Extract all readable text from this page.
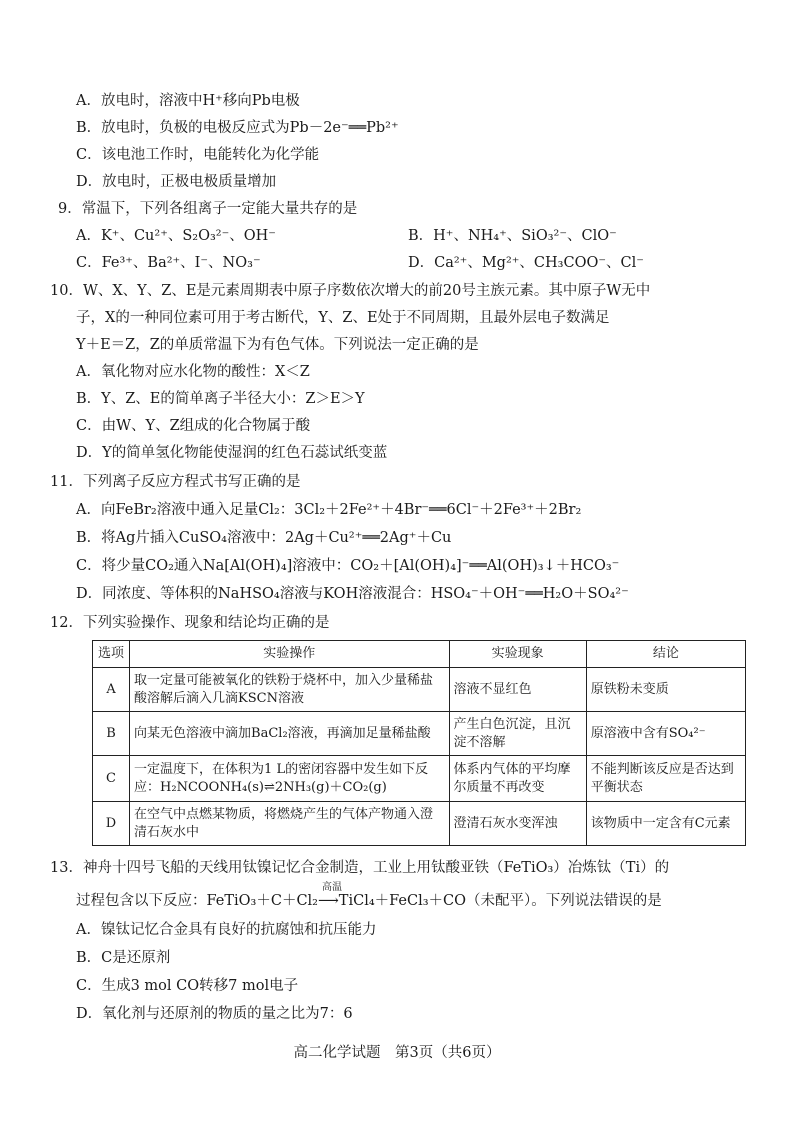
A．放电时，溶液中H⁺移向Pb电极
B．放电时，负极的电极反应式为Pb－2e⁻══Pb²⁺
C．该电池工作时，电能转化为化学能
D．放电时，正极电极质量增加
9．常温下，下列各组离子一定能大量共存的是
A．K⁺、Cu²⁺、S₂O₃²⁻、OH⁻	B．H⁺、NH₄⁺、SiO₃²⁻、ClO⁻
C．Fe³⁺、Ba²⁺、I⁻、NO₃⁻	D．Ca²⁺、Mg²⁺、CH₃COO⁻、Cl⁻
10．W、X、Y、Z、E是元素周期表中原子序数依次增大的前20号主族元素。其中原子W无中
子，X的一种同位素可用于考古断代，Y、Z、E处于不同周期，且最外层电子数满足
Y＋E＝Z，Z的单质常温下为有色气体。下列说法一定正确的是
A．氧化物对应水化物的酸性：X＜Z
B．Y、Z、E的简单离子半径大小：Z＞E＞Y
C．由W、Y、Z组成的化合物属于酸
D．Y的简单氢化物能使湿润的红色石蕊试纸变蓝
11．下列离子反应方程式书写正确的是
A．向FeBr₂溶液中通入足量Cl₂：3Cl₂＋2Fe²⁺＋4Br⁻══6Cl⁻＋2Fe³⁺＋2Br₂
B．将Ag片插入CuSO₄溶液中：2Ag＋Cu²⁺══2Ag⁺＋Cu
C．将少量CO₂通入Na[Al(OH)₄]溶液中：CO₂＋[Al(OH)₄]⁻══Al(OH)₃↓＋HCO₃⁻
D．同浓度、等体积的NaHSO₄溶液与KOH溶液混合：HSO₄⁻＋OH⁻══H₂O＋SO₄²⁻
12．下列实验操作、现象和结论均正确的是
选项	实验操作	实验现象	结论
A	取一定量可能被氧化的铁粉于烧杯中，加入少量稀盐酸溶解后滴入几滴KSCN溶液	溶液不显红色	原铁粉未变质
B	向某无色溶液中滴加BaCl₂溶液，再滴加足量稀盐酸	产生白色沉淀，且沉淀不溶解	原溶液中含有SO₄²⁻
C	一定温度下，在体积为1 L的密闭容器中发生如下反应：H₂NCOONH₄(s)⇌2NH₃(g)＋CO₂(g)	体系内气体的平均摩尔质量不再改变	不能判断该反应是否达到平衡状态
D	在空气中点燃某物质，将燃烧产生的气体产物通入澄清石灰水中	澄清石灰水变浑浊	该物质中一定含有C元素
13．神舟十四号飞船的天线用钛镍记忆合金制造，工业上用钛酸亚铁（FeTiO₃）冶炼钛（Ti）的
过程包含以下反应：FeTiO₃＋C＋Cl₂
高温
⟶TiCl₄＋FeCl₃＋CO（未配平）。下列说法错误的是
A．镍钛记忆合金具有良好的抗腐蚀和抗压能力
B．C是还原剂
C．生成3 mol CO转移7 mol电子
D．氧化剂与还原剂的物质的量之比为7：6
高二化学试题　第3页（共6页）
